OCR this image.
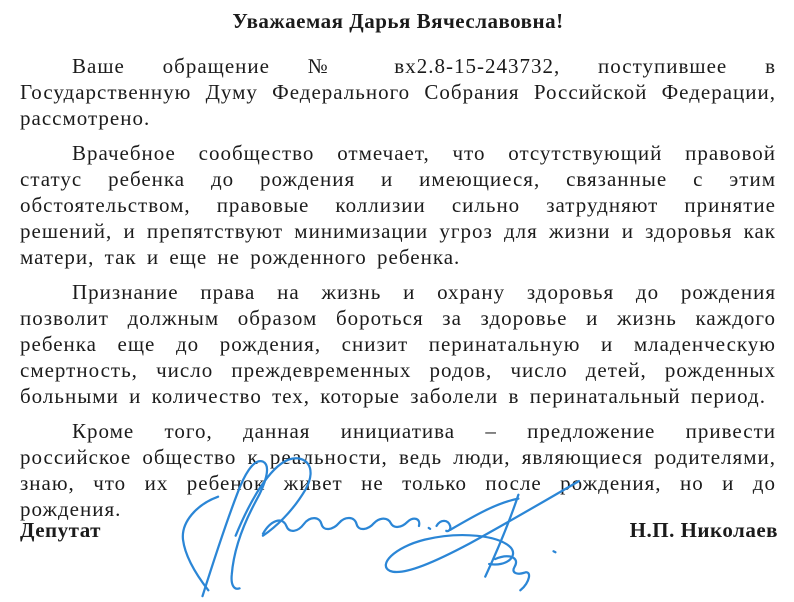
Уважаемая Дарья Вячеславовна!

Ваше обращение № вх2.8-15-243732, поступившее в Государственную Думу Федерального Собрания Российской Федерации, рассмотрено.

Врачебное сообщество отмечает, что отсутствующий правовой статус ребенка до рождения и имеющиеся, связанные с этим обстоятельством, правовые коллизии сильно затрудняют принятие решений, и препятствуют минимизации угроз для жизни и здоровья как матери, так и еще не рожденного ребенка.

Признание права на жизнь и охрану здоровья до рождения позволит должным образом бороться за здоровье и жизнь каждого ребенка еще до рождения, снизит перинатальную и младенческую смертность, число преждевременных родов, число детей, рожденных больными и количество тех, которые заболели в перинатальный период.

Кроме того, данная инициатива – предложение привести российское общество к реальности, ведь люди, являющиеся родителями, знаю, что их ребенок живет не только после рождения, но и до рождения.

Депутат	Н.П. Николаев
